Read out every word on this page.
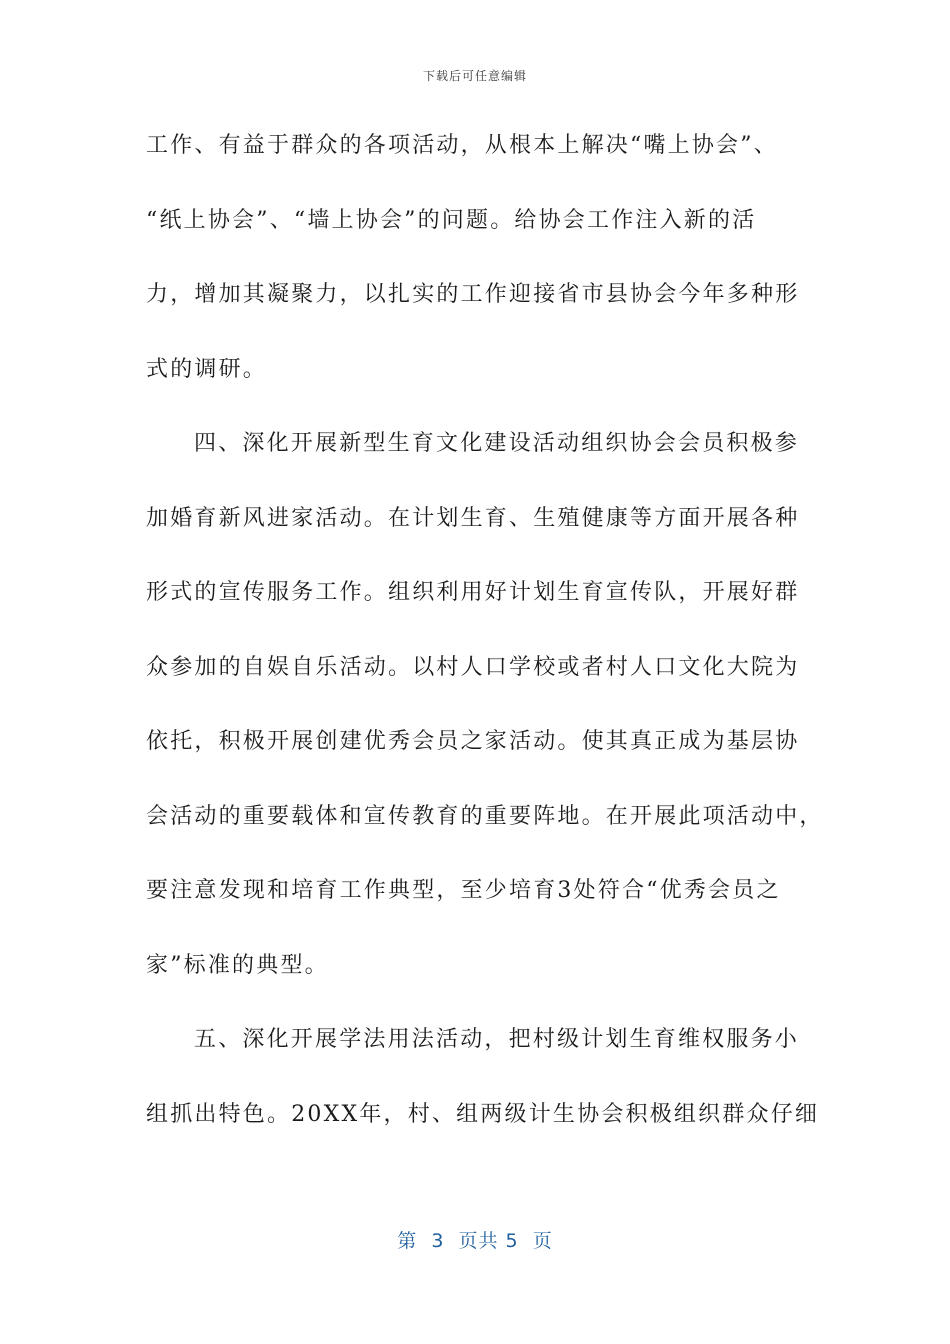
下载后可任意编辑
工作、有益于群众的各项活动，从根本上解决“嘴上协会”、
“纸上协会”、“墙上协会”的问题。给协会工作注入新的活
力，增加其凝聚力，以扎实的工作迎接省市县协会今年多种形
式的调研。
四、深化开展新型生育文化建设活动组织协会会员积极参
加婚育新风进家活动。在计划生育、生殖健康等方面开展各种
形式的宣传服务工作。组织利用好计划生育宣传队，开展好群
众参加的自娱自乐活动。以村人口学校或者村人口文化大院为
依托，积极开展创建优秀会员之家活动。使其真正成为基层协
会活动的重要载体和宣传教育的重要阵地。在开展此项活动中，
要注意发现和培育工作典型，至少培育3处符合“优秀会员之
家”标准的典型。
五、深化开展学法用法活动，把村级计划生育维权服务小
组抓出特色。20XX年，村、组两级计生协会积极组织群众仔细
第  3  页共 5  页
